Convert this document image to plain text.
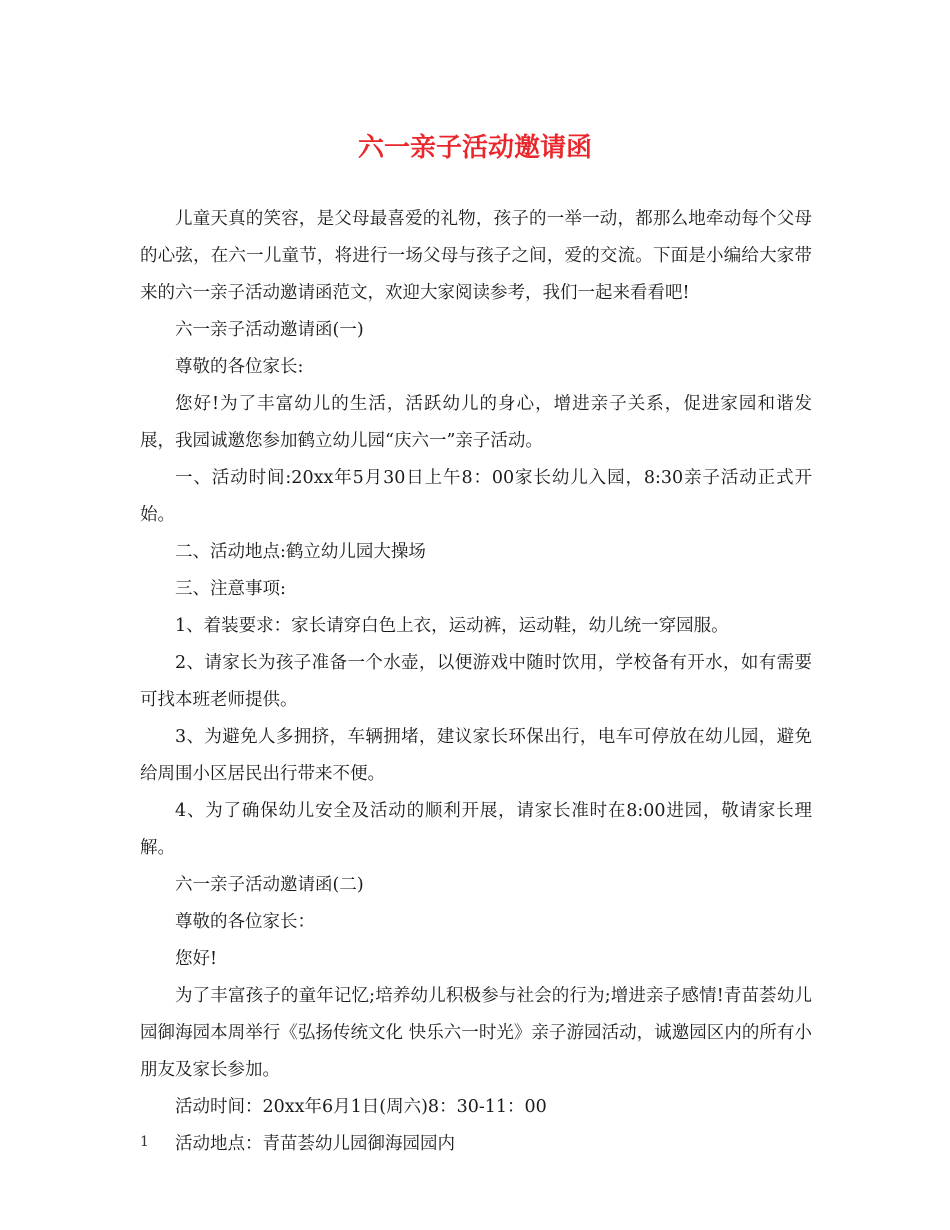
六一亲子活动邀请函

儿童天真的笑容，是父母最喜爱的礼物，孩子的一举一动，都那么地牵动每个父母的心弦，在六一儿童节，将进行一场父母与孩子之间，爱的交流。下面是小编给大家带来的六一亲子活动邀请函范文，欢迎大家阅读参考，我们一起来看看吧!

六一亲子活动邀请函(一)

尊敬的各位家长:

您好!为了丰富幼儿的生活，活跃幼儿的身心，增进亲子关系，促进家园和谐发展，我园诚邀您参加鹤立幼儿园“庆六一”亲子活动。

一、活动时间:20xx年5月30日上午8：00家长幼儿入园，8:30亲子活动正式开始。

二、活动地点:鹤立幼儿园大操场

三、注意事项:

1、着装要求：家长请穿白色上衣，运动裤，运动鞋，幼儿统一穿园服。

2、请家长为孩子准备一个水壶，以便游戏中随时饮用，学校备有开水，如有需要可找本班老师提供。

3、为避免人多拥挤，车辆拥堵，建议家长环保出行，电车可停放在幼儿园，避免给周围小区居民出行带来不便。

4、为了确保幼儿安全及活动的顺利开展，请家长准时在8:00进园，敬请家长理解。

六一亲子活动邀请函(二)

尊敬的各位家长：

您好!

为了丰富孩子的童年记忆;培养幼儿积极参与社会的行为;增进亲子感情!青苗荟幼儿园御海园本周举行《弘扬传统文化 快乐六一时光》亲子游园活动，诚邀园区内的所有小朋友及家长参加。

活动时间：20xx年6月1日(周六)8：30-11：00

活动地点：青苗荟幼儿园御海园园内

1
